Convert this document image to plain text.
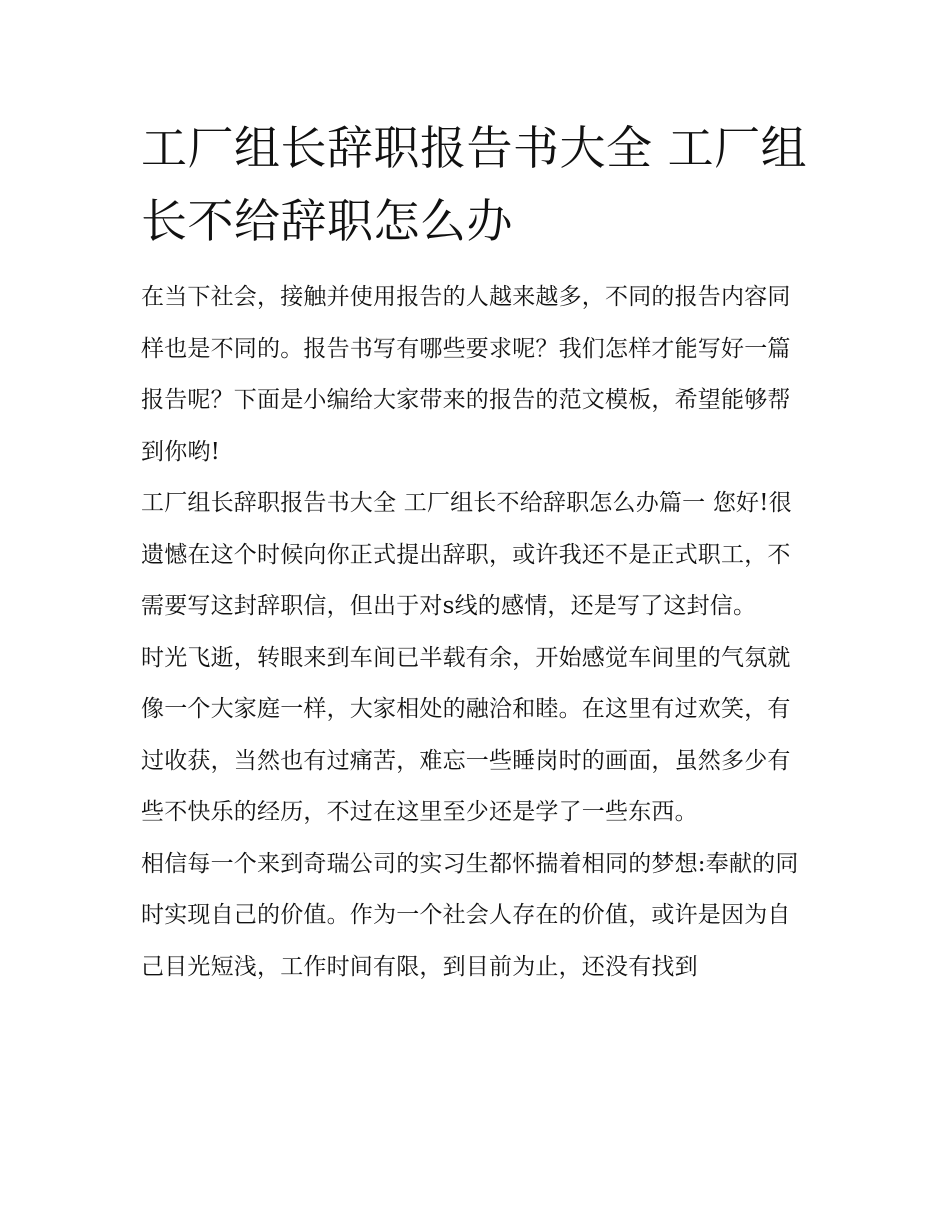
工厂组长辞职报告书大全 工厂组长不给辞职怎么办

在当下社会，接触并使用报告的人越来越多，不同的报告内容同样也是不同的。报告书写有哪些要求呢？我们怎样才能写好一篇报告呢？下面是小编给大家带来的报告的范文模板，希望能够帮到你哟!

工厂组长辞职报告书大全 工厂组长不给辞职怎么办篇一 您好!很遗憾在这个时候向你正式提出辞职，或许我还不是正式职工，不需要写这封辞职信，但出于对s线的感情，还是写了这封信。

时光飞逝，转眼来到车间已半载有余，开始感觉车间里的气氛就像一个大家庭一样，大家相处的融洽和睦。在这里有过欢笑，有过收获，当然也有过痛苦，难忘一些睡岗时的画面，虽然多少有些不快乐的经历，不过在这里至少还是学了一些东西。

相信每一个来到奇瑞公司的实习生都怀揣着相同的梦想:奉献的同时实现自己的价值。作为一个社会人存在的价值，或许是因为自己目光短浅，工作时间有限，到目前为止，还没有找到
